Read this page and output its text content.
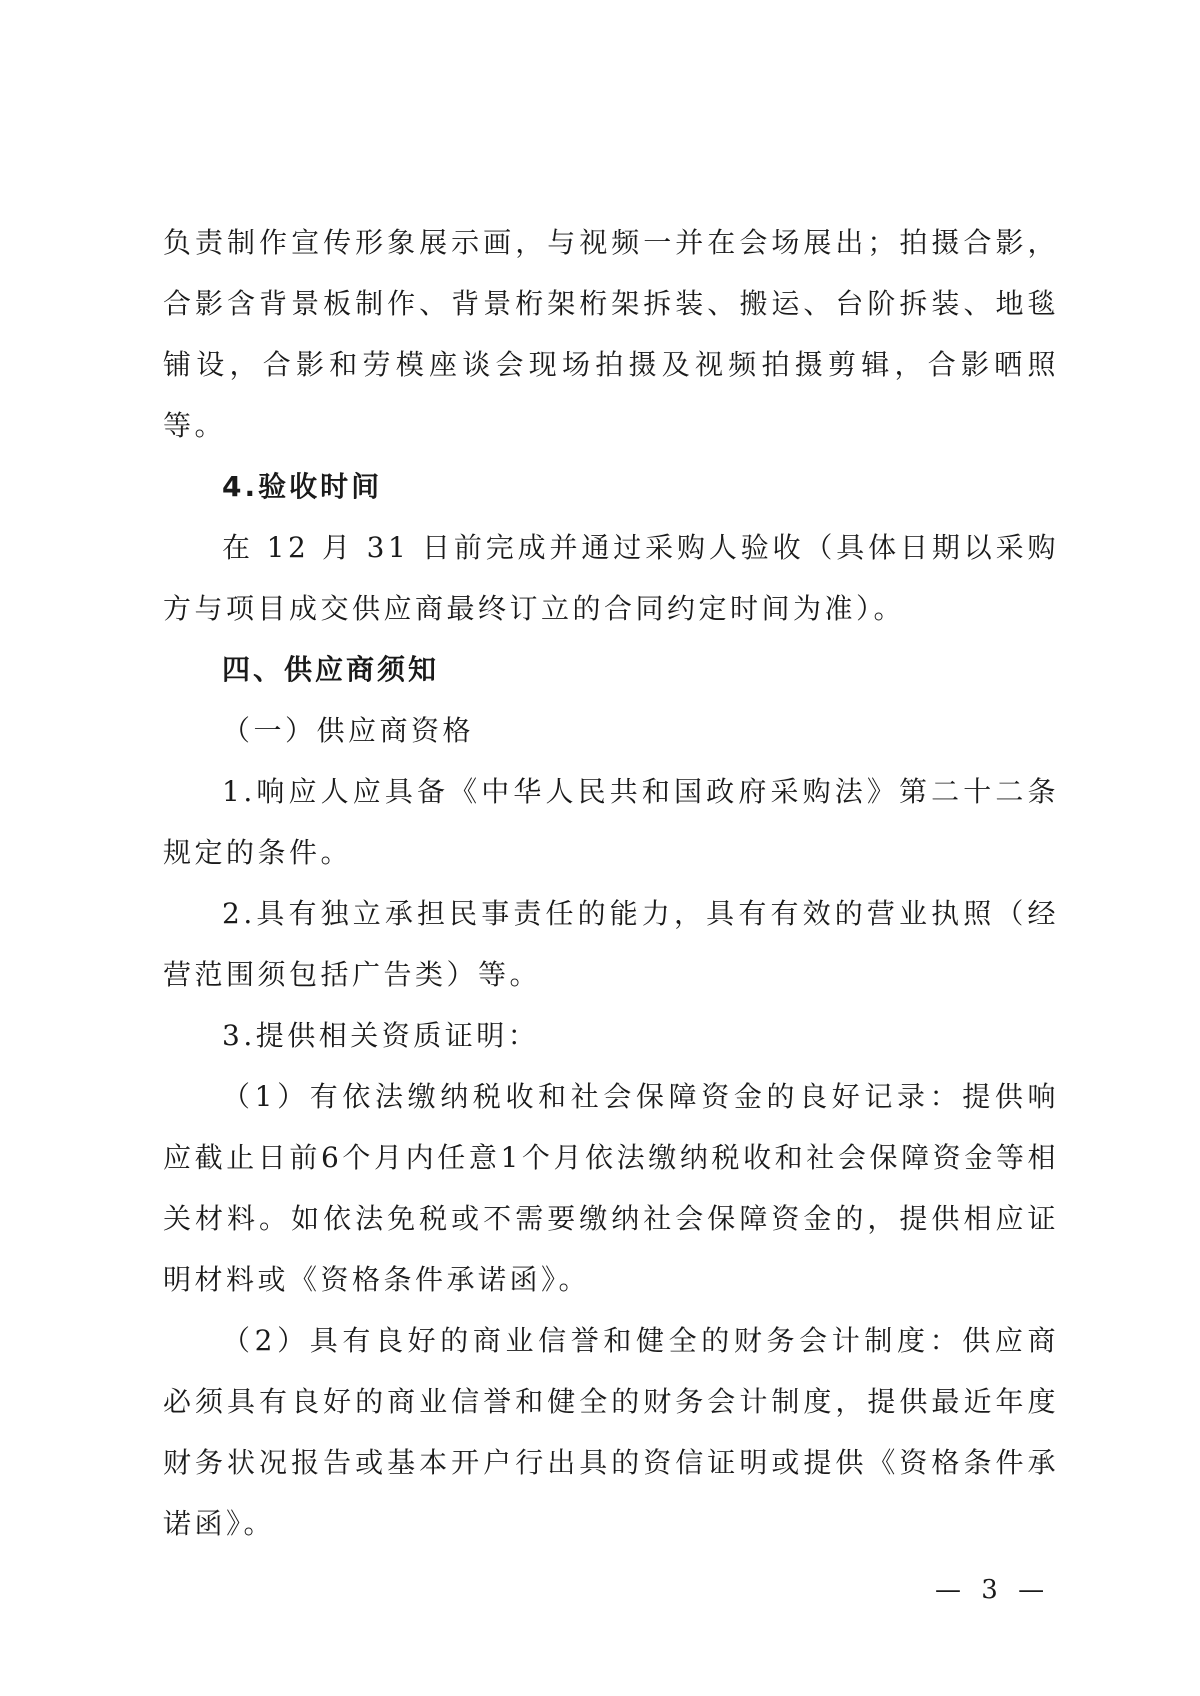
负责制作宣传形象展示画，与视频一并在会场展出；拍摄合影，合影含背景板制作、背景桁架桁架拆装、搬运、台阶拆装、地毯铺设，合影和劳模座谈会现场拍摄及视频拍摄剪辑，合影晒照等。

4.验收时间

在 12 月 31 日前完成并通过采购人验收（具体日期以采购方与项目成交供应商最终订立的合同约定时间为准）。

四、供应商须知

（一）供应商资格

1.响应人应具备《中华人民共和国政府采购法》第二十二条规定的条件。

2.具有独立承担民事责任的能力，具有有效的营业执照（经营范围须包括广告类）等。

3.提供相关资质证明：

（1）有依法缴纳税收和社会保障资金的良好记录：提供响应截止日前6个月内任意1个月依法缴纳税收和社会保障资金等相关材料。如依法免税或不需要缴纳社会保障资金的，提供相应证明材料或《资格条件承诺函》。

（2）具有良好的商业信誉和健全的财务会计制度：供应商必须具有良好的商业信誉和健全的财务会计制度，提供最近年度财务状况报告或基本开户行出具的资信证明或提供《资格条件承诺函》。

— 3 —
